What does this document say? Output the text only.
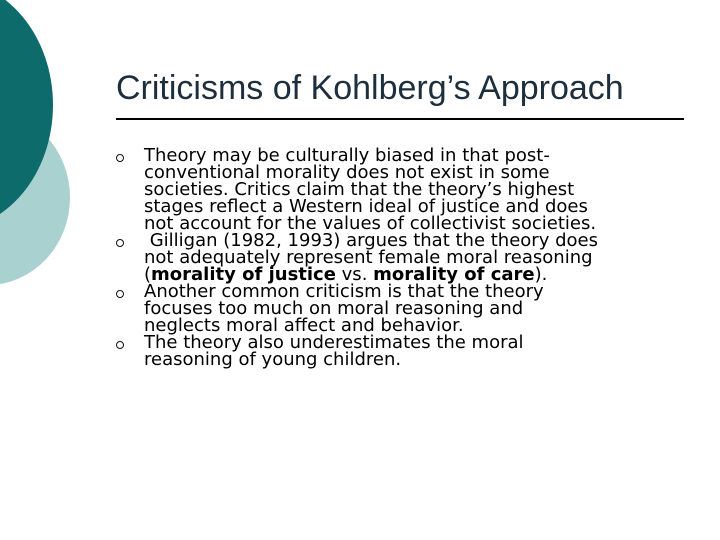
Criticisms of Kohlberg’s Approach
Theory may be culturally biased in that post-
conventional morality does not exist in some
societies. Critics claim that the theory’s highest
stages reflect a Western ideal of justice and does
not account for the values of collectivist societies.
Gilligan (1982, 1993) argues that the theory does
not adequately represent female moral reasoning
(morality of justice vs. morality of care).
Another common criticism is that the theory
focuses too much on moral reasoning and
neglects moral affect and behavior.
The theory also underestimates the moral
reasoning of young children.
